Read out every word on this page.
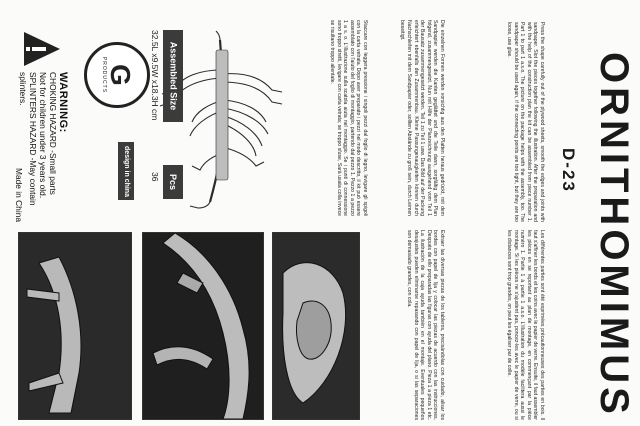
ORNITHOMIMUS
D-23
Press the shape carefully out of the plywood sheets, smooth the edges and joints with sandpaper. Slot the pieces together following the illustration. After the preparation and with the help of the construction plan the kit can be assembled from piece number 1. Part 1 to part 1 a.s.o. The picture on the package helps with the assembly, too. The sandpaper should be used again, if the connecting points are too tight, but they are too loose, use glue.
Die einzelnen Formen werden vorsichtig aus den Platten heraus gedrückt, mit dem Sandpapier werden die Kanten geglättet und die Teile dann, sorgfältig dem Plan folgend, zusammengesetzt. Nun mit Hilfe der Planzeichnung ausgehend vom Teil 1 der Bausatz zusammengesetzt werden. Teil 1 zu Teil 1 usw. Das Bild auf der Packung erleichtert ebenfalls den Zusammenbau. Kleine Passungenauigkeiten können durch Nachschleifen mit dem Sandpapier oder, sollten Abstände zu groß sein, durch Leimen beseitigt.
Staccare con leggera pressione i singoli pezzi dal foglio di legno, levigare gli spigoli con la carta vetrata. Dopo aver preparato i pezzi nel modo descritto, il kit può essere assemblato con l'aiuto del foglio di montaggio, partendo dal pezzo 1. Pezzo 1 a pezzo 1 a s. o. L'illustrazione sulla scatola aiuta nel montaggio. Se i punti di connessione sono troppo stretti, levigare con carta vetrata; se troppo sfuse, Sarà usata colla invece se risultano troppo allentate.
Les différentes parties sont été exprimées précautionneuses des parties en bois. Il faut s'affiner les bords et les coins avec le papier de verre. Ensuite, il faut assembler les pièces en se reportant au plan de montage, en commençant par la pièce numéro 1. Partie 1 à partie 1 a.s.o. L'illustration du modèle facilitera aussi le montage. Si les pièces ne s'ajustent pas, poncez-les avec le papier de verre, ou si les distances sont trop grandes, on peut les égaliser par de colle.
Extraer las diversas piezas de los tableros, precisándolas con cuidado, alisar los bordes con papel de lija y colocar las piezas de acuerdo con las instrucciones. Después de ello preparadas las figuras con ayuda del plano. Pieza 1 a pieza 1 etc. La ilustración de la caja ayuda también en el montaje. Eventuales pequeños desajustes pueden eliminarse repasando con papel de lija, o si las separaciones son demasiado grandes, con cola.
Assembled Size
32.5L x9.5W x18.3H cm
Pcs
36
design in china
G
PRODUCTS
WARNING:
CHOKING HAZARD -Small parts
Not for children under 3 years old.
SPLINTERS HAZARD -May contain
splinters.
Made in China
